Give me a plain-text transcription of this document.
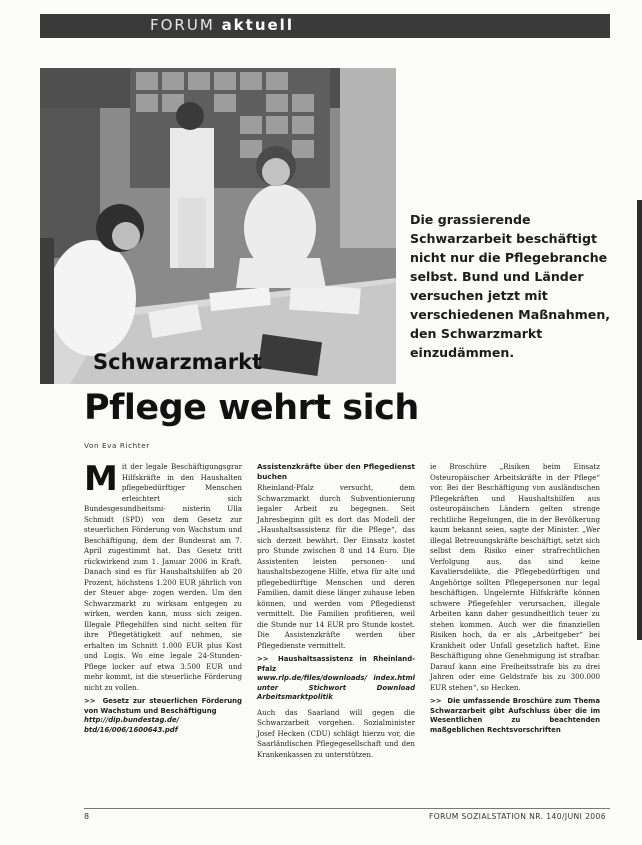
FORUM aktuell
Schwarzmarkt
Die grassierende Schwarzarbeit beschäftigt nicht nur die Pflegebranche selbst. Bund und Länder versuchen jetzt mit verschiedenen Maßnahmen, den Schwarzmarkt einzudämmen.
Pflege wehrt sich
Von Eva Richter
M it der legale Beschäftigungsgrar Hilfskräfte in den Haushalten pflegebedürftiger Menschen erleichtert sich Bundesgesundheitsmi- nisterin Ulla Schmidt (SPD) von dem Gesetz zur steuerlichen Förderung von Wachstum und Beschäftigung, dem der Bundesrat am 7. April zugestimmt hat. Das Gesetz tritt rückwirkend zum 1. Januar 2006 in Kraft. Danach sind es für Haushaltshilfen ab 20 Prozent, höchstens 1.200 EUR jährlich von der Steuer abge- zogen werden. Um den Schwarzmarkt zu wirksam entgegen zu wirken, werden kann, muss sich zeigen. Illegale Pflegehilfen sind nicht selten für ihre Pflegetätigkeit auf nehmen, sie erhalten im Schnitt 1.000 EUR plus Kost und Logis. Wo eine legale 24-Stunden-Pflege locker auf etwa 3.500 EUR und mehr kommt, ist die steuerliche Förderung nicht zu vollen.

>> Gesetz zur steuerlichen Förderung von Wachstum und Beschäftigung
http://dip.bundestag.de/ btd/16/006/1600643.pdf
Assistenzkräfte über den Pflegedienst buchen

Rheinland-Pfalz versucht, dem Schwarzmarkt durch Subventionierung legaler Arbeit zu begegnen. Seit Jahresbeginn gilt es dort das Modell der „Haushaltsassistenz für die Pflege“, das sich derzeit bewährt. Der Einsatz kostet pro Stunde zwischen 8 und 14 Euro. Die Assistenten leisten personen- und haushaltsbezogene Hilfe, etwa für alte und pflegebedürftige Menschen und deren Familien, damit diese länger zuhause leben können, und werden vom Pflegedienst vermittelt. Die Familien profitieren, weil die Stunde nur 14 EUR pro Stunde kostet. Die Assistenzkräfte werden über Pflegedienste vermittelt.

>> Haushaltsassistenz in Rheinland-Pfalz
www.rlp.de/files/downloads/ index.html unter Stichwort Download Arbeitsmarktpolitik

Auch das Saarland will gegen die Schwarzarbeit vorgehen. Sozialminister Josef Hecken (CDU) schlägt hierzu vor, die Saarländischen Pflegegesellschaft und den Krankenkassen zu unterstützen.

ie Broschüre „Risiken beim Einsatz Osteuropäischer Arbeitskräfte in der Pflege“ vor. Bei der Beschäftigung von ausländischen Pflegekräften und Haushaltshilfen aus osteuropäischen Ländern gelten strenge rechtliche Regelungen, die in der Bevölkerung kaum bekannt seien, sagte der Minister. „Wer illegal Betreuungskräfte beschäftigt, setzt sich selbst dem Risiko einer strafrechtlichen Verfolgung aus, das sind keine Kavaliersdelikte, die Pflegebedürftigen und Angehörige sollten Pflegepersonen nur legal beschäftigen. Ungelernte Hilfskräfte können schwere Pflegefehler verursachen, illegale Arbeiten kann daher gesundheitlich teuer zu stehen kommen. Auch wer die finanziellen Risiken hoch, da er als „Arbeitgeber“ bei Krankheit oder Unfall gesetzlich haftet. Eine Beschäftigung ohne Genehmigung ist strafbar. Darauf kann eine Freiheitsstrafe bis zu drei Jahren oder eine Geldstrafe bis zu 300.000 EUR stehen“, so Hecken.

>> Die umfassende Broschüre zum Thema Schwarzarbeit gibt Aufschluss über die im Wesentlichen zu beachtenden maßgeblichen Rechtsvorschriften
8	FORUM SOZIALSTATION NR. 140/JUNI 2006
